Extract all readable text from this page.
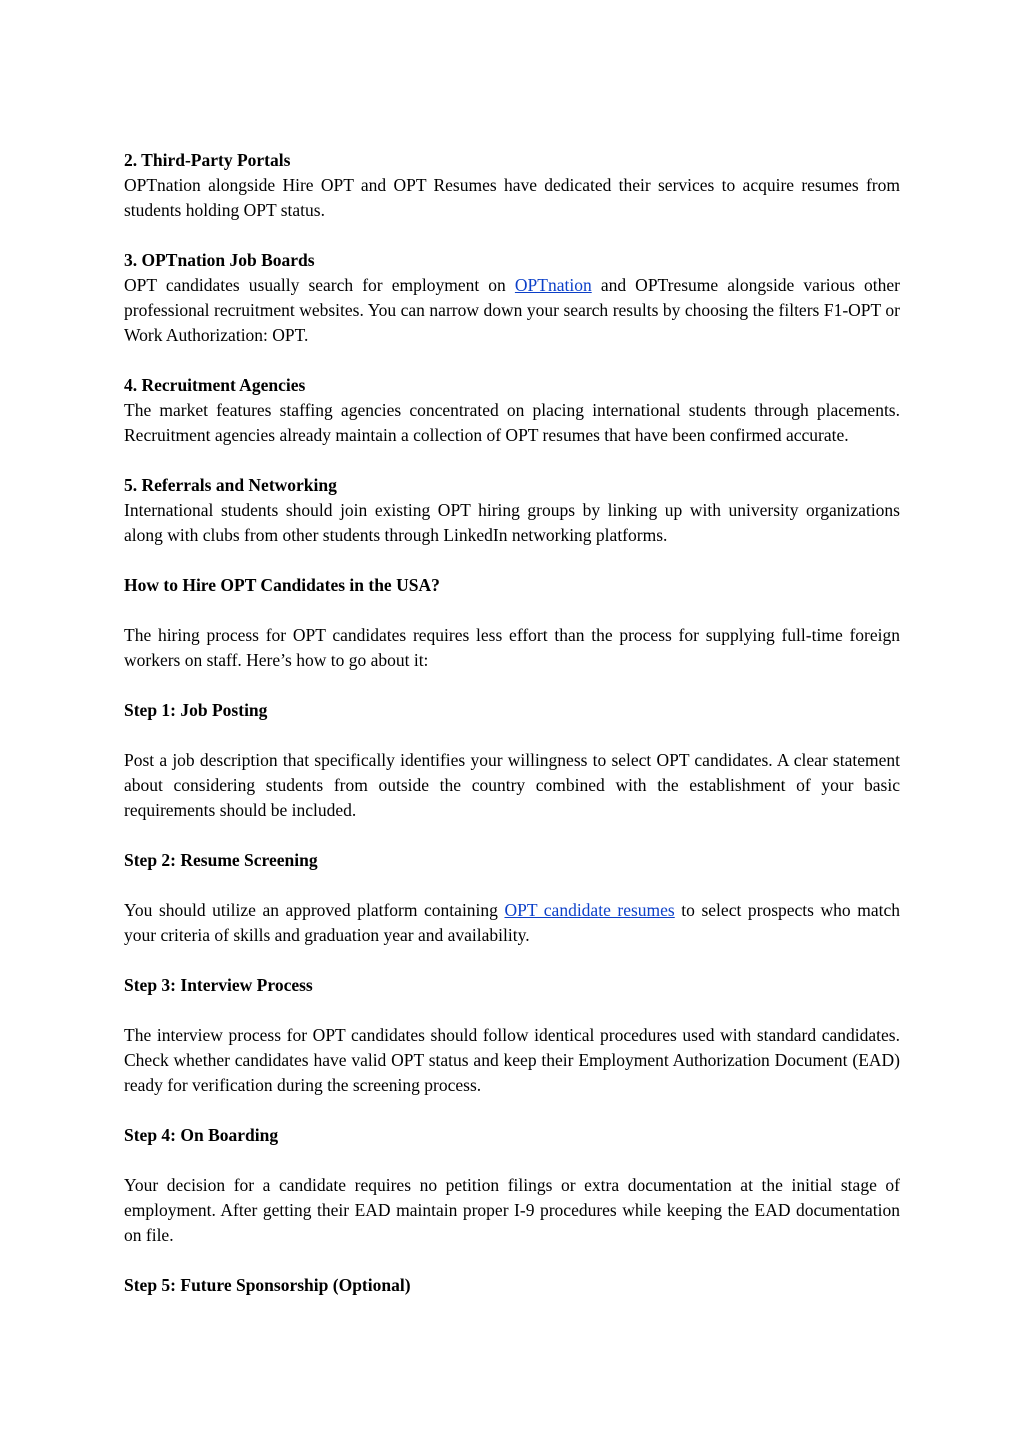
2. Third-Party Portals

OPTnation alongside Hire OPT and OPT Resumes have dedicated their services to acquire resumes from students holding OPT status.

3. OPTnation Job Boards

OPT candidates usually search for employment on OPTnation and OPTresume alongside various other professional recruitment websites. You can narrow down your search results by choosing the filters F1-OPT or Work Authorization: OPT.

4. Recruitment Agencies

The market features staffing agencies concentrated on placing international students through placements. Recruitment agencies already maintain a collection of OPT resumes that have been confirmed accurate.

5. Referrals and Networking

International students should join existing OPT hiring groups by linking up with university organizations along with clubs from other students through LinkedIn networking platforms.

How to Hire OPT Candidates in the USA?

The hiring process for OPT candidates requires less effort than the process for supplying full-time foreign workers on staff. Here’s how to go about it:

Step 1: Job Posting

Post a job description that specifically identifies your willingness to select OPT candidates. A clear statement about considering students from outside the country combined with the establishment of your basic requirements should be included.

Step 2: Resume Screening

You should utilize an approved platform containing OPT candidate resumes to select prospects who match your criteria of skills and graduation year and availability.

Step 3: Interview Process

The interview process for OPT candidates should follow identical procedures used with standard candidates. Check whether candidates have valid OPT status and keep their Employment Authorization Document (EAD) ready for verification during the screening process.

Step 4: On Boarding

Your decision for a candidate requires no petition filings or extra documentation at the initial stage of employment. After getting their EAD maintain proper I-9 procedures while keeping the EAD documentation on file.

Step 5: Future Sponsorship (Optional)
